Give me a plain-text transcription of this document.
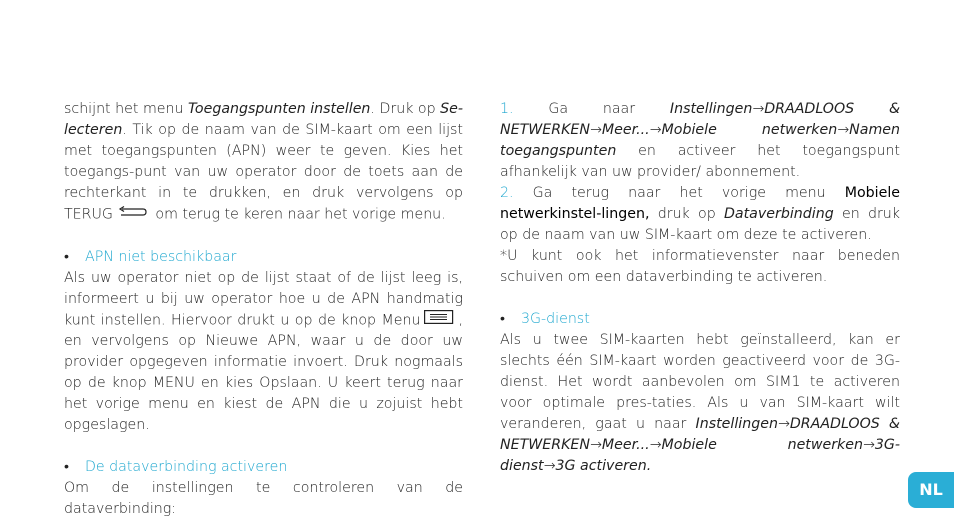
schijnt het menu Toegangspunten instellen. Druk op Se-lecteren. Tik op de naam van de SIM-kaart om een lijst met toegangspunten (APN) weer te geven. Kies het toegangs-punt van uw operator door de toets aan de rechterkant in te drukken, en druk vervolgens op TERUG	om terug te keren naar het vorige menu.

• APN niet beschikbaar

Als uw operator niet op de lijst staat of de lijst leeg is, informeert u bij uw operator hoe u de APN handmatig kunt instellen. Hiervoor drukt u op de knop Menu	, en vervolgens op Nieuwe APN, waar u de door uw provider opgegeven informatie invoert. Druk nogmaals op de knop MENU en kies Opslaan. U keert terug naar het vorige menu en kiest de APN die u zojuist hebt opgeslagen.

• De dataverbinding activeren

Om de instellingen te controleren van de dataverbinding:

1. Ga naar Instellingen→DRAADLOOS & NETWERKEN→Meer...→Mobiele netwerken→Namen toegangspunten en activeer het toegangspunt afhankelijk van uw provider/ abonnement.

2. Ga terug naar het vorige menu Mobiele netwerkinstel-lingen, druk op Dataverbinding en druk op de naam van uw SIM-kaart om deze te activeren.

*U kunt ook het informatievenster naar beneden schuiven om een dataverbinding te activeren.

• 3G-dienst

Als u twee SIM-kaarten hebt geïnstalleerd, kan er slechts één SIM-kaart worden geactiveerd voor de 3G-dienst. Het wordt aanbevolen om SIM1 te activeren voor optimale pres-taties. Als u van SIM-kaart wilt veranderen, gaat u naar Instellingen→DRAADLOOS & NETWERKEN→Meer...→Mobiele netwerken→3G-dienst→3G activeren.

NL
